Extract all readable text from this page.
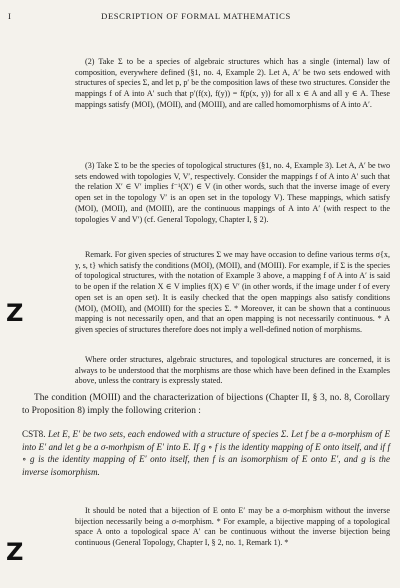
I	DESCRIPTION OF FORMAL MATHEMATICS

(2) Take Σ to be a species of algebraic structures which has a single (internal) law of composition, everywhere defined (§1, no. 4, Example 2). Let A, A′ be two sets endowed with structures of species Σ, and let p, p′ be the composition laws of these two structures. Consider the mappings f of A into A′ such that p′(f(x), f(y)) = f(p(x, y)) for all x ∈ A and all y ∈ A. These mappings satisfy (MOI), (MOII), and (MOIII), and are called homomorphisms of A into A′.

(3) Take Σ to be the species of topological structures (§1, no. 4, Example 3). Let A, A′ be two sets endowed with topologies V, V′, respectively. Consider the mappings f of A into A′ such that the relation X′ ∈ V′ implies f⁻¹(X′) ∈ V (in other words, such that the inverse image of every open set in the topology V′ is an open set in the topology V). These mappings, which satisfy (MOI), (MOII), and (MOIII), are the continuous mappings of A into A′ (with respect to the topologies V and V′) (cf. General Topology, Chapter I, § 2).

Remark. For given species of structures Σ we may have occasion to define various terms σ{x, y, s, t} which satisfy the conditions (MOI), (MOII), and (MOIII). For example, if Σ is the species of topological structures, with the notation of Example 3 above, a mapping f of A into A′ is said to be open if the relation X ∈ V implies f(X) ∈ V′ (in other words, if the image under f of every open set is an open set). It is easily checked that the open mappings also satisfy conditions (MOI), (MOII), and (MOIII) for the species Σ. * Moreover, it can be shown that a continuous mapping is not necessarily open, and that an open mapping is not necessarily continuous. * A given species of structures therefore does not imply a well-defined notion of morphisms.

Where order structures, algebraic structures, and topological structures are concerned, it is always to be understood that the morphisms are those which have been defined in the Examples above, unless the contrary is expressly stated.

The condition (MOIII) and the characterization of bijections (Chapter II, § 3, no. 8, Corollary to Proposition 8) imply the following criterion :

CST8. Let E, E′ be two sets, each endowed with a structure of species Σ. Let f be a σ-morphism of E into E′ and let g be a σ-morhpism of E′ into E. If g ∘ f is the identity mapping of E onto itself, and if f ∘ g is the identity mapping of E′ onto itself, then f is an isomorphism of E onto E′, and g is the inverse isomorphism.

It should be noted that a bijection of E onto E′ may be a σ-morphism without the inverse bijection necessarily being a σ-morphism. * For example, a bijective mapping of a topological space A onto a topological space A′ can be continuous without the inverse bijection being continuous (General Topology, Chapter I, § 2, no. 1, Remark 1). *

Z
Z
